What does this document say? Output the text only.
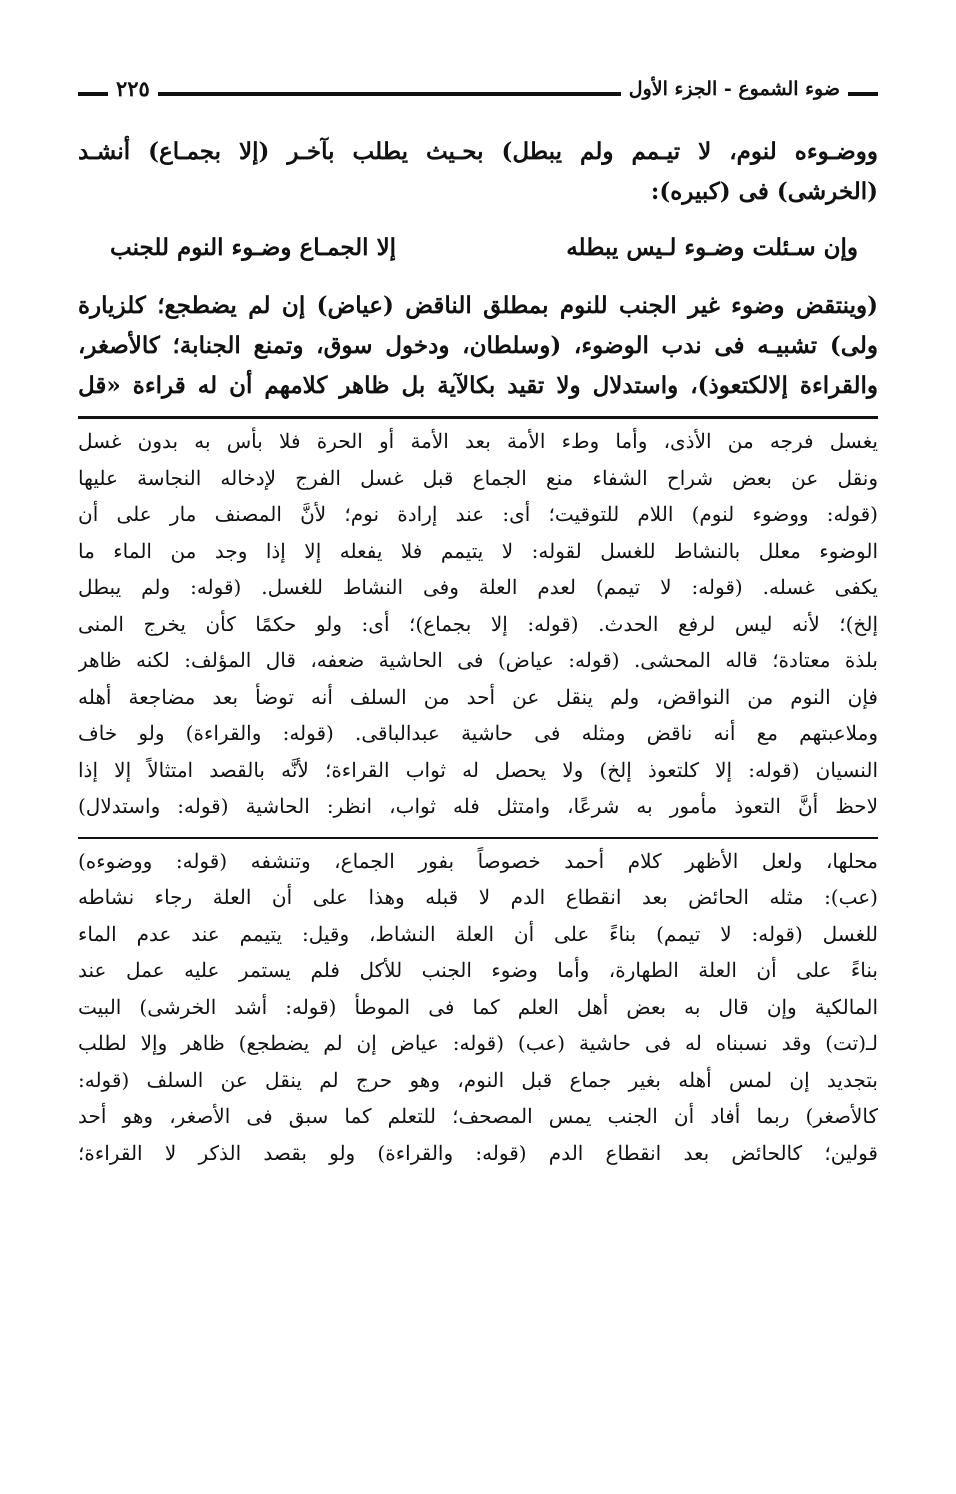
ضوء الشموع - الجزء الأول
٢٢٥
ووضـوءه لنوم، لا تيـمم ولم يبطل) بحـيث يطلب بآخـر (إلا بجمـاع) أنشـد
(الخرشى) فى (كبيره):
وإن سـئلت وضـوء لـيس يبطله
إلا الجمـاع وضـوء النوم للجنب
(وينتقض وضوء غير الجنب للنوم بمطلق الناقض (عياض) إن لم يضطجع؛ كلزيارة
ولى) تشبيـه فى ندب الوضوء، (وسلطان، ودخول سوق، وتمنع الجنابة؛ كالأصغر،
والقراءة إلالكتعوذ)، واستدلال ولا تقيد بكالآية بل ظاهر كلامهم أن له قراءة «قل
يغسل فرجه من الأذى، وأما وطء الأمة بعد الأمة أو الحرة فلا بأس به بدون غسل
ونقل عن بعض شراح الشفاء منع الجماع قبل غسل الفرج لإدخاله النجاسة عليها
(قوله: ووضوء لنوم) اللام للتوقيت؛ أى: عند إرادة نوم؛ لأنَّ المصنف مار على أن
الوضوء معلل بالنشاط للغسل لقوله: لا يتيمم فلا يفعله إلا إذا وجد من الماء ما
يكفى غسله. (قوله: لا تيمم) لعدم العلة وفى النشاط للغسل. (قوله: ولم يبطل
إلخ)؛ لأنه ليس لرفع الحدث. (قوله: إلا بجماع)؛ أى: ولو حكمًا كأن يخرج المنى
بلذة معتادة؛ قاله المحشى. (قوله: عياض) فى الحاشية ضعفه، قال المؤلف: لكنه ظاهر
فإن النوم من النواقض، ولم ينقل عن أحد من السلف أنه توضأ بعد مضاجعة أهله
وملاعبتهم مع أنه ناقض ومثله فى حاشية عبدالباقى. (قوله: والقراءة) ولو خاف
النسيان (قوله: إلا كلتعوذ إلخ) ولا يحصل له ثواب القراءة؛ لأنَّه بالقصد امتثالاً إلا إذا
لاحظ أنَّ التعوذ مأمور به شرعًا، وامتثل فله ثواب، انظر: الحاشية (قوله: واستدلال)
محلها، ولعل الأظهر كلام أحمد خصوصاً بفور الجماع، وتنشفه (قوله: ووضوءه)
(عب): مثله الحائض بعد انقطاع الدم لا قبله وهذا على أن العلة رجاء نشاطه
للغسل (قوله: لا تيمم) بناءً على أن العلة النشاط، وقيل: يتيمم عند عدم الماء
بناءً على أن العلة الطهارة، وأما وضوء الجنب للأكل فلم يستمر عليه عمل عند
المالكية وإن قال به بعض أهل العلم كما فى الموطأ (قوله: أشد الخرشى) البيت
لـ(تت) وقد نسبناه له فى حاشية (عب) (قوله: عياض إن لم يضطجع) ظاهر وإلا لطلب
بتجديد إن لمس أهله بغير جماع قبل النوم، وهو حرج لم ينقل عن السلف (قوله:
كالأصغر) ربما أفاد أن الجنب يمس المصحف؛ للتعلم كما سبق فى الأصغر، وهو أحد
قولين؛ كالحائض بعد انقطاع الدم (قوله: والقراءة) ولو بقصد الذكر لا القراءة؛
